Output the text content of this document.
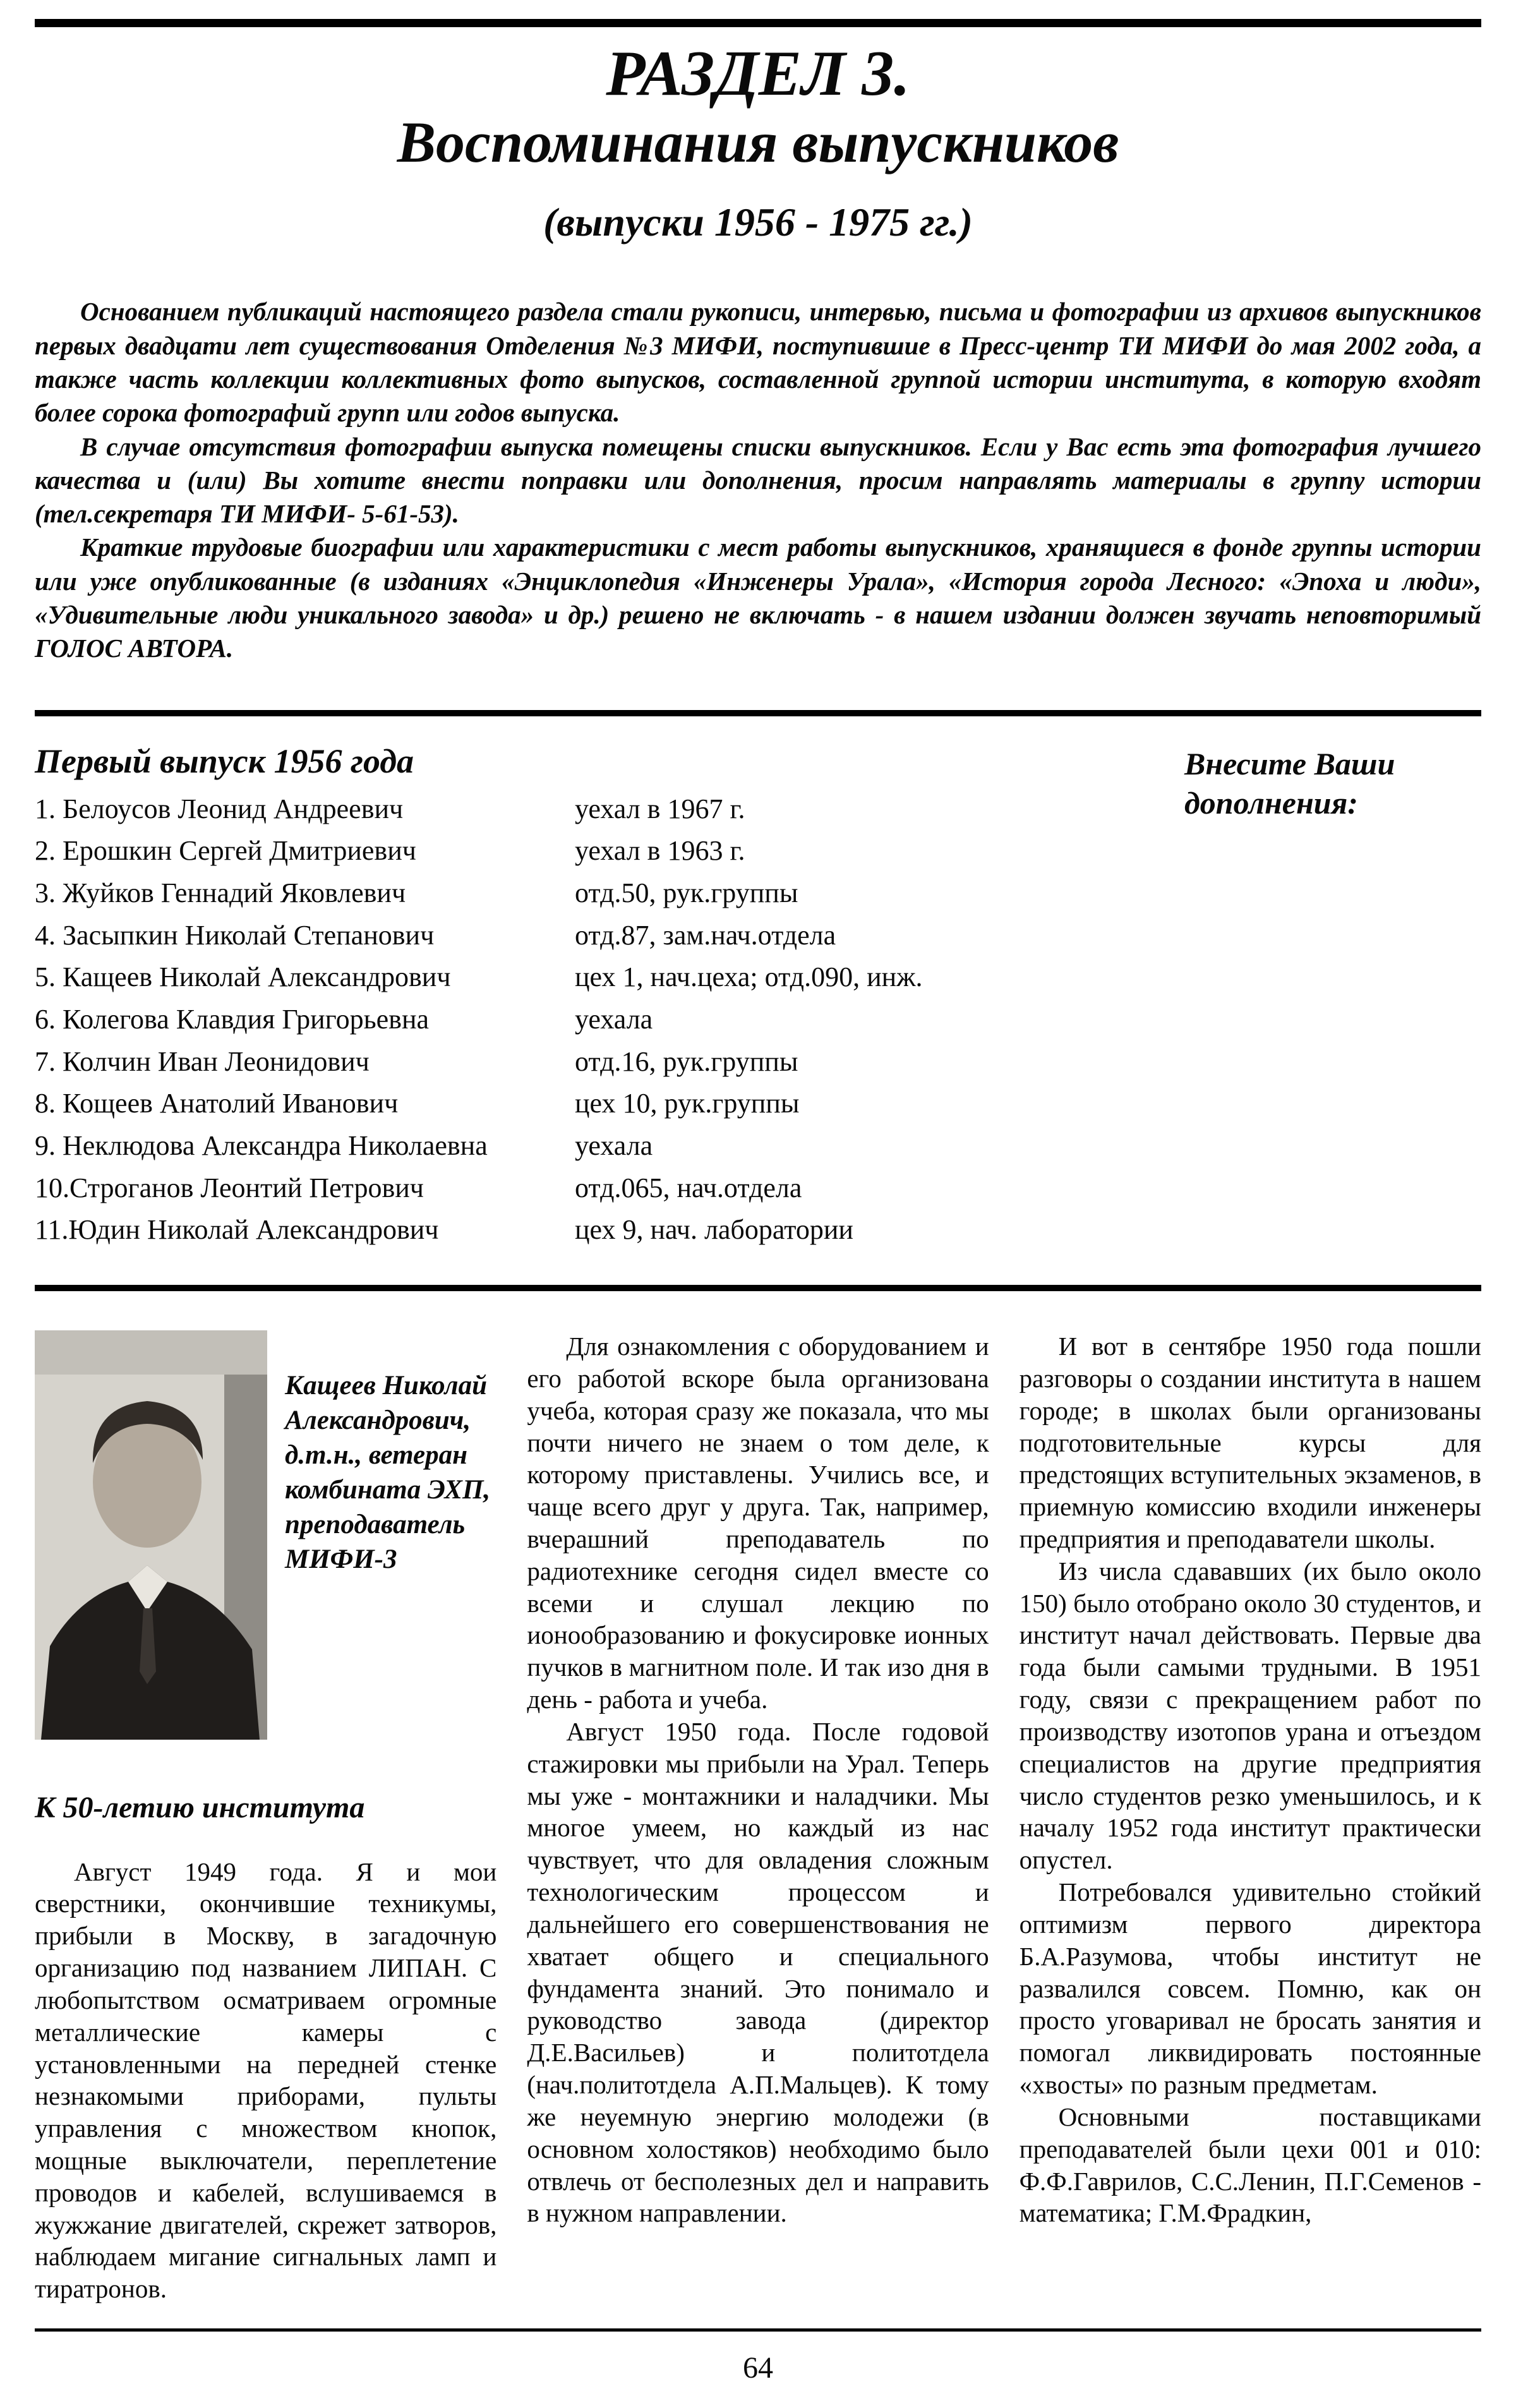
РАЗДЕЛ 3.
Воспоминания выпускников
(выпуски 1956 - 1975 гг.)

Основанием публикаций настоящего раздела стали рукописи, интервью, письма и фотографии из архивов выпускников первых двадцати лет существования Отделения №3 МИФИ, поступившие в Пресс-центр ТИ МИФИ до мая 2002 года, а также часть коллекции коллективных фото выпусков, составленной группой истории института, в которую входят более сорока фотографий групп или годов выпуска.

В случае отсутствия фотографии выпуска помещены списки выпускников. Если у Вас есть эта фотография лучшего качества и (или) Вы хотите внести поправки или дополнения, просим направлять материалы в группу истории (тел.секретаря ТИ МИФИ- 5-61-53).

Краткие трудовые биографии или характеристики с мест работы выпускников, хранящиеся в фонде группы истории или уже опубликованные (в изданиях «Энциклопедия «Инженеры Урала», «История города Лесного: «Эпоха и люди», «Удивительные люди уникального завода» и др.) решено не включать - в нашем издании должен звучать неповторимый ГОЛОС АВТОРА.

Первый выпуск 1956 года
1. Белоусов Леонид Андреевич	уехал в 1967 г.
2. Ерошкин Сергей Дмитриевич	уехал в 1963 г.
3. Жуйков Геннадий Яковлевич	отд.50, рук.группы
4. Засыпкин Николай Степанович	отд.87, зам.нач.отдела
5. Кащеев Николай Александрович	цех 1, нач.цеха; отд.090, инж.
6. Колегова Клавдия Григорьевна	уехала
7. Колчин Иван Леонидович	отд.16, рук.группы
8. Кощеев Анатолий Иванович	цех 10, рук.группы
9. Неклюдова Александра Николаевна	уехала
10.Строганов Леонтий Петрович	отд.065, нач.отдела
11.Юдин Николай Александрович	цех 9, нач. лаборатории
Внесите Ваши дополнения:
Кащеев Николай Александрович, д.т.н., ветеран комбината ЭХП, преподаватель МИФИ-3
К 50-летию института

Август 1949 года. Я и мои сверстники, окончившие техникумы, прибыли в Москву, в загадочную организацию под названием ЛИПАН. С любопытством осматриваем огромные металлические камеры с установленными на передней стенке незнакомыми приборами, пульты управления с множеством кнопок, мощные выключатели, переплетение проводов и кабелей, вслушиваемся в жужжание двигателей, скрежет затворов, наблюдаем мигание сигнальных ламп и тиратронов.

Для ознакомления с оборудованием и его работой вскоре была организована учеба, которая сразу же показала, что мы почти ничего не знаем о том деле, к которому приставлены. Учились все, и чаще всего друг у друга. Так, например, вчерашний преподаватель по радиотехнике сегодня сидел вместе со всеми и слушал лекцию по ионообразованию и фокусировке ионных пучков в магнитном поле. И так изо дня в день - работа и учеба.

Август 1950 года. После годовой стажировки мы прибыли на Урал. Теперь мы уже - монтажники и наладчики. Мы многое умеем, но каждый из нас чувствует, что для овладения сложным технологическим процессом и дальнейшего его совершенствования не хватает общего и специального фундамента знаний. Это понимало и руководство завода (директор Д.Е.Васильев) и политотдела (нач.политотдела А.П.Мальцев). К тому же неуемную энергию молодежи (в основном холостяков) необходимо было отвлечь от бесполезных дел и направить в нужном направлении.

И вот в сентябре 1950 года пошли разговоры о создании института в нашем городе; в школах были организованы подготовительные курсы для предстоящих вступительных экзаменов, в приемную комиссию входили инженеры предприятия и преподаватели школы.

Из числа сдававших (их было около 150) было отобрано около 30 студентов, и институт начал действовать. Первые два года были самыми трудными. В 1951 году, связи с прекращением работ по производству изотопов урана и отъездом специалистов на другие предприятия число студентов резко уменьшилось, и к началу 1952 года институт практически опустел.

Потребовался удивительно стойкий оптимизм первого директора Б.А.Разумова, чтобы институт не развалился совсем. Помню, как он просто уговаривал не бросать занятия и помогал ликвидировать постоянные «хвосты» по разным предметам.

Основными поставщиками преподавателей были цехи 001 и 010: Ф.Ф.Гаврилов, С.С.Ленин, П.Г.Семенов - математика; Г.М.Фрадкин,

64
